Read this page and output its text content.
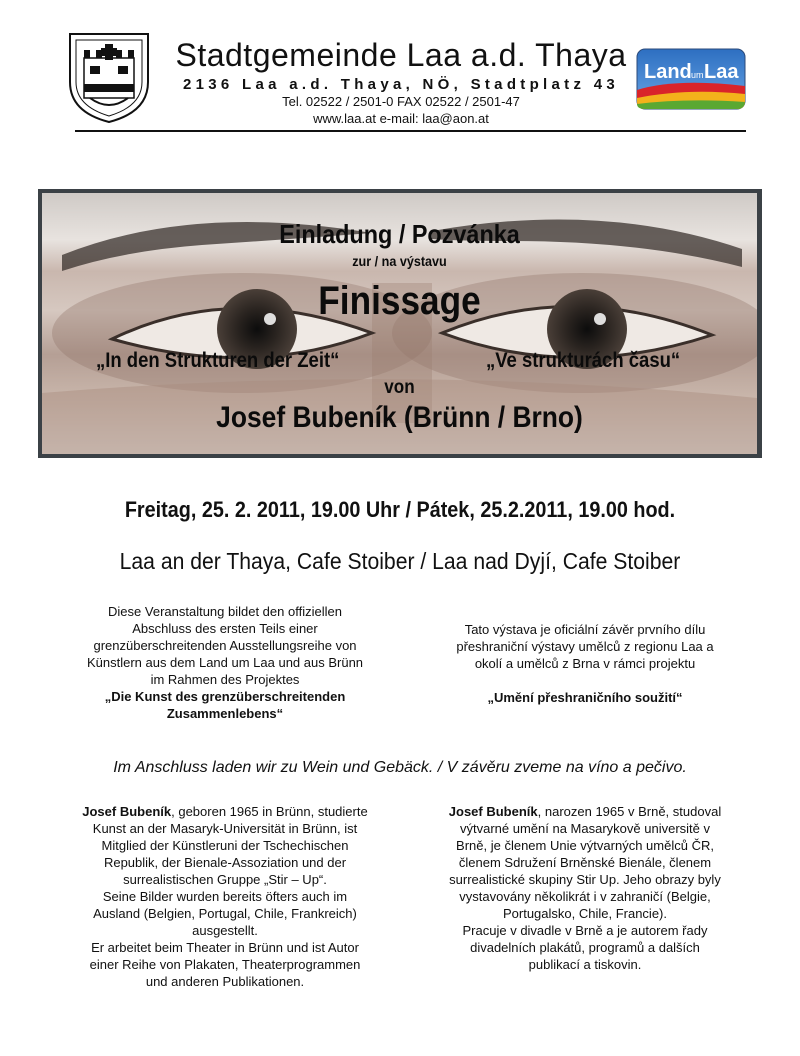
Stadtgemeinde Laa a.d. Thaya
2136 Laa a.d. Thaya, NÖ, Stadtplatz 43
Tel. 02522 / 2501-0 FAX 02522 / 2501-47
www.laa.at e-mail: laa@aon.at
Land um Laa
Einladung / Pozvánka
zur / na výstavu
Finissage
„In den Strukturen der Zeit“	„Ve strukturách času“
von
Josef Bubeník (Brünn / Brno)
Freitag, 25. 2. 2011, 19.00 Uhr / Pátek, 25.2.2011, 19.00 hod.
Laa an der Thaya, Cafe Stoiber / Laa nad Dyjí, Cafe Stoiber
Diese Veranstaltung bildet den offiziellen
Abschluss des ersten Teils einer
grenzüberschreitenden Ausstellungsreihe von
Künstlern aus dem Land um Laa und aus Brünn
im Rahmen des Projektes
„Die Kunst des grenzüberschreitenden
Zusammenlebens“
Tato výstava je oficiální závěr prvního dílu
přeshraniční výstavy umělců z regionu Laa a
okolí a umělců z Brna v rámci projektu
„Umění přeshraničního soužití“
Im Anschluss laden wir zu Wein und Gebäck. / V závěru zveme na víno a pečivo.
Josef Bubeník, geboren 1965 in Brünn, studierte
Kunst an der Masaryk-Universität in Brünn, ist
Mitglied der Künstleruni der Tschechischen
Republik, der Bienale-Assoziation und der
surrealistischen Gruppe „Stir – Up“.
Seine Bilder wurden bereits öfters auch im
Ausland (Belgien, Portugal, Chile, Frankreich)
ausgestellt.
Er arbeitet beim Theater in Brünn und ist Autor
einer Reihe von Plakaten, Theaterprogrammen
und anderen Publikationen.
Josef Bubeník, narozen 1965 v Brně, studoval
výtvarné umění na Masarykově universitě v
Brně, je členem Unie výtvarných umělců ČR,
členem Sdružení Brněnské Bienále, členem
surrealistické skupiny Stir Up. Jeho obrazy byly
vystavovány několikrát i v zahraničí (Belgie,
Portugalsko, Chile, Francie).
Pracuje v divadle v Brně a je autorem řady
divadelních plakátů, programů a dalších
publikací a tiskovin.
